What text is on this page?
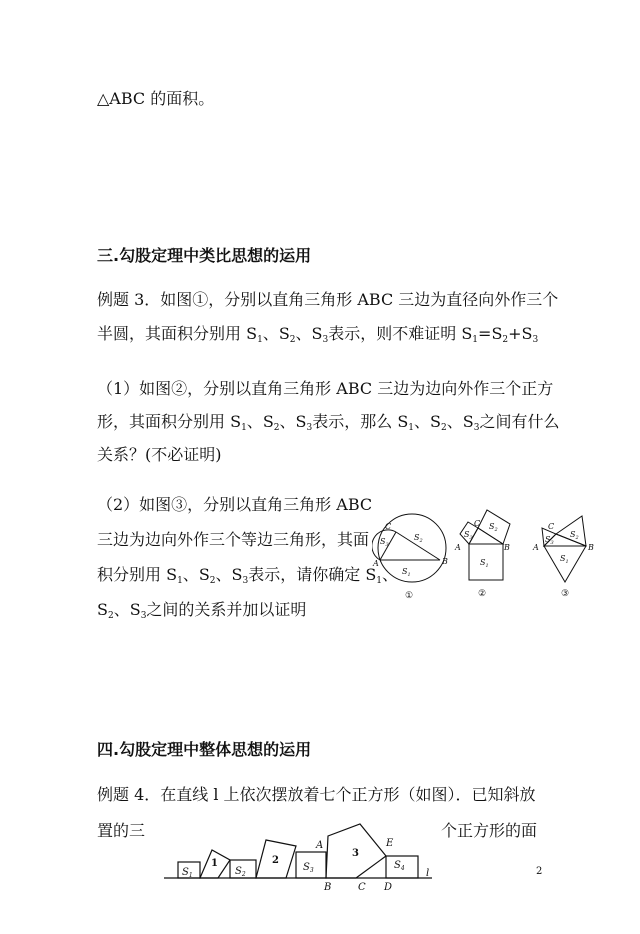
△ABC 的面积。
三.勾股定理中类比思想的运用
例题 3．如图①，分别以直角三角形 ABC 三边为直径向外作三个
半圆，其面积分别用 $S_1$、$S_2$、$S_3$表示，则不难证明 $S_1=S_2+S_3$
（1）如图②，分别以直角三角形 ABC 三边为边向外作三个正方
形，其面积分别用 $S_1$、$S_2$、$S_3$表示，那么 $S_1$、$S_2$、$S_3$之间有什么
关系？(不必证明)
（2）如图③，分别以直角三角形 ABC
三边为边向外作三个等边三角形，其面
积分别用 $S_1$、$S_2$、$S_3$表示，请你确定 $S_1$、
$S_2$、$S_3$之间的关系并加以证明
C
A	B
$S_3$
$S_2$
$S_1$
①
$S_2$
$S_3$
$S_1$
A	B
C
②
$S_2$
$S_3$
$S_1$
A	B
C
③
四.勾股定理中整体思想的运用
例题 4．在直线 l 上依次摆放着七个正方形（如图）．已知斜放
置的三	个正方形的面
$S_1$	$S_2$
$S_3$	$S_4$
A
B	C D
E
l
1	2
3
2
